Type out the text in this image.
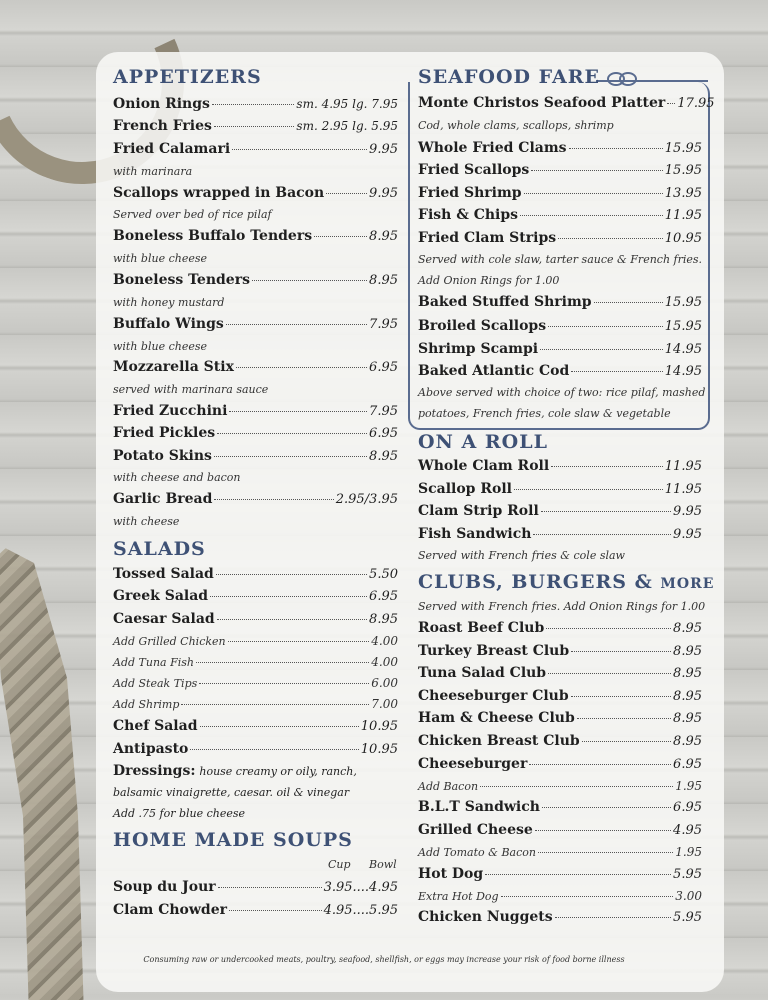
APPETIZERS
Onion Rings	sm. 4.95 lg. 7.95
French Fries	sm. 2.95 lg. 5.95
Fried Calamari	9.95
with marinara
Scallops wrapped in Bacon	9.95
Served over bed of rice pilaf
Boneless Buffalo Tenders	8.95
with blue cheese
Boneless Tenders	8.95
with honey mustard
Buffalo Wings	7.95
with blue cheese
Mozzarella Stix	6.95
served with marinara sauce
Fried Zucchini	7.95
Fried Pickles	6.95
Potato Skins	8.95
with cheese and bacon
Garlic Bread	2.95/3.95
with cheese
SALADS
Tossed Salad	5.50
Greek Salad	6.95
Caesar Salad	8.95
Add Grilled Chicken	4.00
Add Tuna Fish	4.00
Add Steak Tips	6.00
Add Shrimp	7.00
Chef Salad	10.95
Antipasto	10.95
Dressings: house creamy or oily, ranch,
balsamic vinaigrette, caesar. oil & vinegar
Add .75 for blue cheese
HOME MADE SOUPS
Cup	Bowl
Soup du Jour	3.95....4.95
Clam Chowder	4.95....5.95
SEAFOOD FARE
Monte Christos Seafood Platter 17.95
Cod, whole clams, scallops, shrimp
Whole Fried Clams	15.95
Fried Scallops	15.95
Fried Shrimp	13.95
Fish & Chips	11.95
Fried Clam Strips	10.95
Served with cole slaw, tarter sauce & French fries.
Add Onion Rings for 1.00
Baked Stuffed Shrimp	15.95
Broiled Scallops	15.95
Shrimp Scampi	14.95
Baked Atlantic Cod	14.95
Above served with choice of two: rice pilaf, mashed
potatoes, French fries, cole slaw & vegetable
ON A ROLL
Whole Clam Roll	11.95
Scallop Roll	11.95
Clam Strip Roll	9.95
Fish Sandwich	9.95
Served with French fries & cole slaw
CLUBS, BURGERS & MORE
Served with French fries. Add Onion Rings for 1.00
Roast Beef Club	8.95
Turkey Breast Club	8.95
Tuna Salad Club	8.95
Cheeseburger Club	8.95
Ham & Cheese Club	8.95
Chicken Breast Club	8.95
Cheeseburger	6.95
Add Bacon	1.95
B.L.T Sandwich	6.95
Grilled Cheese	4.95
Add Tomato & Bacon	1.95
Hot Dog	5.95
Extra Hot Dog	3.00
Chicken Nuggets	5.95
Consuming raw or undercooked meats, poultry, seafood, shellfish, or eggs may increase your risk of food borne illness
